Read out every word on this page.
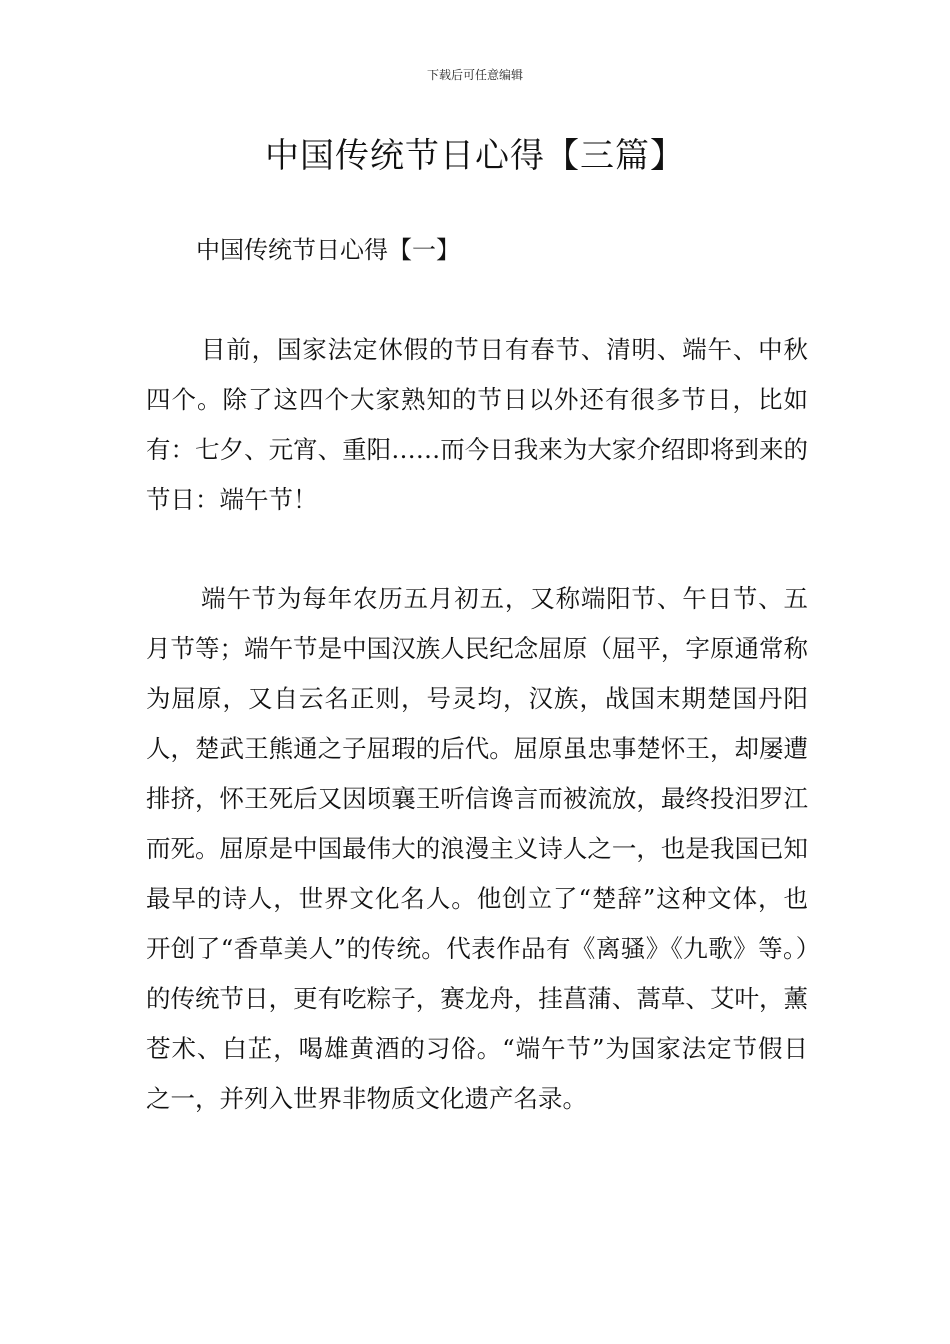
下载后可任意编辑
中国传统节日心得【三篇】
中国传统节日心得【一】

目前，国家法定休假的节日有春节、清明、端午、中秋四个。除了这四个大家熟知的节日以外还有很多节日，比如有：七夕、元宵、重阳……而今日我来为大家介绍即将到来的节日：端午节！

端午节为每年农历五月初五，又称端阳节、午日节、五月节等；端午节是中国汉族人民纪念屈原（屈平，字原通常称为屈原，又自云名正则，号灵均，汉族，战国末期楚国丹阳人，楚武王熊通之子屈瑕的后代。屈原虽忠事楚怀王，却屡遭排挤，怀王死后又因顷襄王听信谗言而被流放，最终投汨罗江而死。屈原是中国最伟大的浪漫主义诗人之一，也是我国已知最早的诗人，世界文化名人。他创立了“楚辞”这种文体，也开创了“香草美人”的传统。代表作品有《离骚》《九歌》等。）的传统节日，更有吃粽子，赛龙舟，挂菖蒲、蒿草、艾叶，薰苍术、白芷，喝雄黄酒的习俗。“端午节”为国家法定节假日之一，并列入世界非物质文化遗产名录。
